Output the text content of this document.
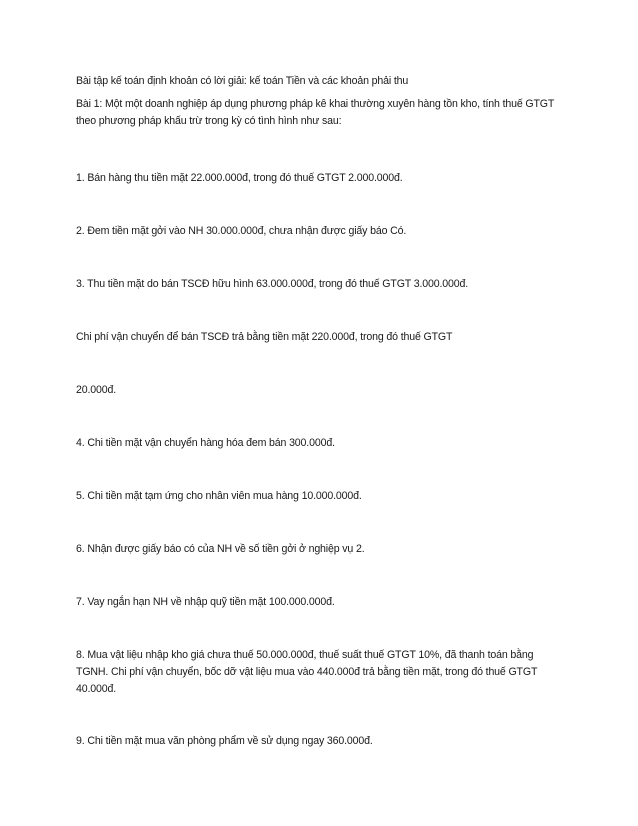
Bài tập kế toán định khoản có lời giải: kế toán Tiền và các khoản phải thu
Bài 1: Một một doanh nghiệp áp dụng phương pháp kê khai thường xuyên hàng tồn kho, tính thuế GTGT theo phương pháp khấu trừ trong kỳ có tình hình như sau:
1. Bán hàng thu tiền mặt 22.000.000đ, trong đó thuế GTGT 2.000.000đ.
2. Đem tiền mặt gởi vào NH 30.000.000đ, chưa nhận được giấy báo Có.
3. Thu tiền mặt do bán TSCĐ hữu hình 63.000.000đ, trong đó thuế GTGT 3.000.000đ.
Chi phí vận chuyển để bán TSCĐ trả bằng tiền mặt 220.000đ, trong đó thuế GTGT
20.000đ.
4. Chi tiền mặt vận chuyển hàng hóa đem bán 300.000đ.
5. Chi tiền mặt tạm ứng cho nhân viên mua hàng 10.000.000đ.
6. Nhận được giấy báo có của NH về số tiền gởi ở nghiệp vụ 2.
7. Vay ngắn hạn NH về nhập quỹ tiền mặt 100.000.000đ.
8. Mua vật liệu nhập kho giá chưa thuế 50.000.000đ, thuế suất thuế GTGT 10%, đã thanh toán bằng TGNH. Chi phí vận chuyển, bốc dỡ vật liệu mua vào 440.000đ trả bằng tiền mặt, trong đó thuế GTGT 40.000đ.
9. Chi tiền mặt mua văn phòng phẩm về sử dụng ngay 360.000đ.
